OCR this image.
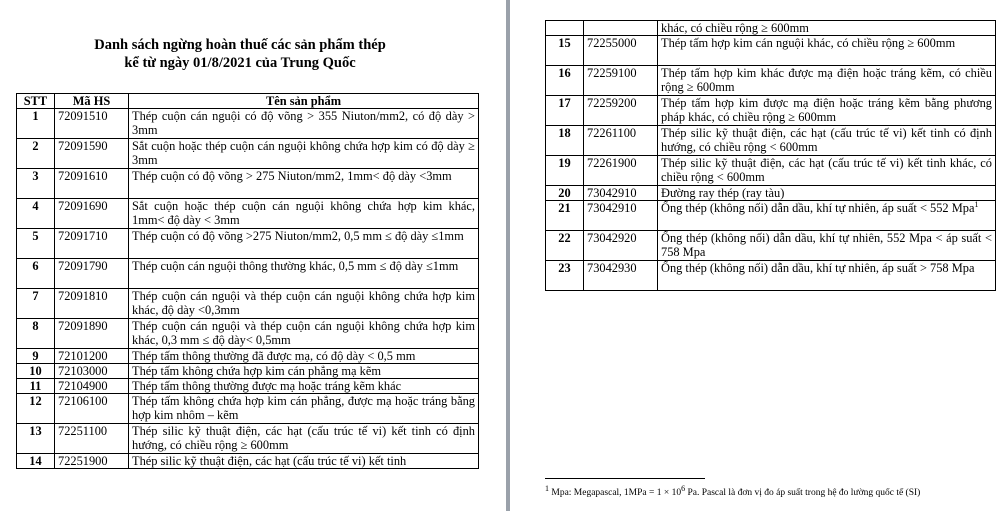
Danh sách ngừng hoàn thuế các sản phẩm thép
kể từ ngày 01/8/2021 của Trung Quốc
STT	Mã HS	Tên sản phẩm
1	72091510	Thép cuộn cán nguội có độ võng > 355 Niuton/mm2, có độ dày > 3mm
2	72091590	Sắt cuộn hoặc thép cuộn cán nguội không chứa hợp kim có độ dày ≥ 3mm
3	72091610	Thép cuộn có độ võng > 275 Niuton/mm2, 1mm< độ dày <3mm
4	72091690	Sắt cuộn hoặc thép cuộn cán nguội không chứa hợp kim khác, 1mm< độ dày < 3mm
5	72091710	Thép cuộn có độ võng >275 Niuton/mm2, 0,5 mm ≤ độ dày ≤1mm
6	72091790	Thép cuộn cán nguội thông thường khác, 0,5 mm ≤ độ dày ≤1mm
7	72091810	Thép cuộn cán nguội và thép cuộn cán nguội không chứa hợp kim khác, độ dày <0,3mm
8	72091890	Thép cuộn cán nguội và thép cuộn cán nguội không chứa hợp kim khác, 0,3 mm ≤ độ dày< 0,5mm
9	72101200	Thép tấm thông thường đã được mạ, có độ dày < 0,5 mm
10	72103000	Thép tấm không chứa hợp kim cán phẳng mạ kẽm
11	72104900	Thép tấm thông thường được mạ hoặc tráng kẽm khác
12	72106100	Thép tấm không chứa hợp kim cán phẳng, được mạ hoặc tráng bằng hợp kim nhôm – kẽm
13	72251100	Thép silic kỹ thuật điện, các hạt (cấu trúc tế vi) kết tinh có định hướng, có chiều rộng ≥ 600mm
14	72251900	Thép silic kỹ thuật điện, các hạt (cấu trúc tế vi) kết tinh
		khác, có chiều rộng ≥ 600mm
15	72255000	Thép tấm hợp kim cán nguội khác, có chiều rộng ≥ 600mm
16	72259100	Thép tấm hợp kim khác được mạ điện hoặc tráng kẽm, có chiều rộng ≥ 600mm
17	72259200	Thép tấm hợp kim được mạ điện hoặc tráng kẽm bằng phương pháp khác, có chiều rộng ≥ 600mm
18	72261100	Thép silic kỹ thuật điện, các hạt (cấu trúc tế vi) kết tinh có định hướng, có chiều rộng < 600mm
19	72261900	Thép silic kỹ thuật điện, các hạt (cấu trúc tế vi) kết tinh khác, có chiều rộng < 600mm
20	73042910	Đường ray thép (ray tàu)
21	73042910	Ống thép (không nối) dẫn dầu, khí tự nhiên, áp suất < 552 Mpa$^1$
22	73042920	Ống thép (không nối) dẫn dầu, khí tự nhiên, 552 Mpa < áp suất < 758 Mpa
23	73042930	Ống thép (không nối) dẫn dầu, khí tự nhiên, áp suất > 758 Mpa
$^1$ Mpa: Megapascal, $1MPa = 1 \times 10^6$ Pa. Pascal là đơn vị đo áp suất trong hệ đo lường quốc tế (SI)
